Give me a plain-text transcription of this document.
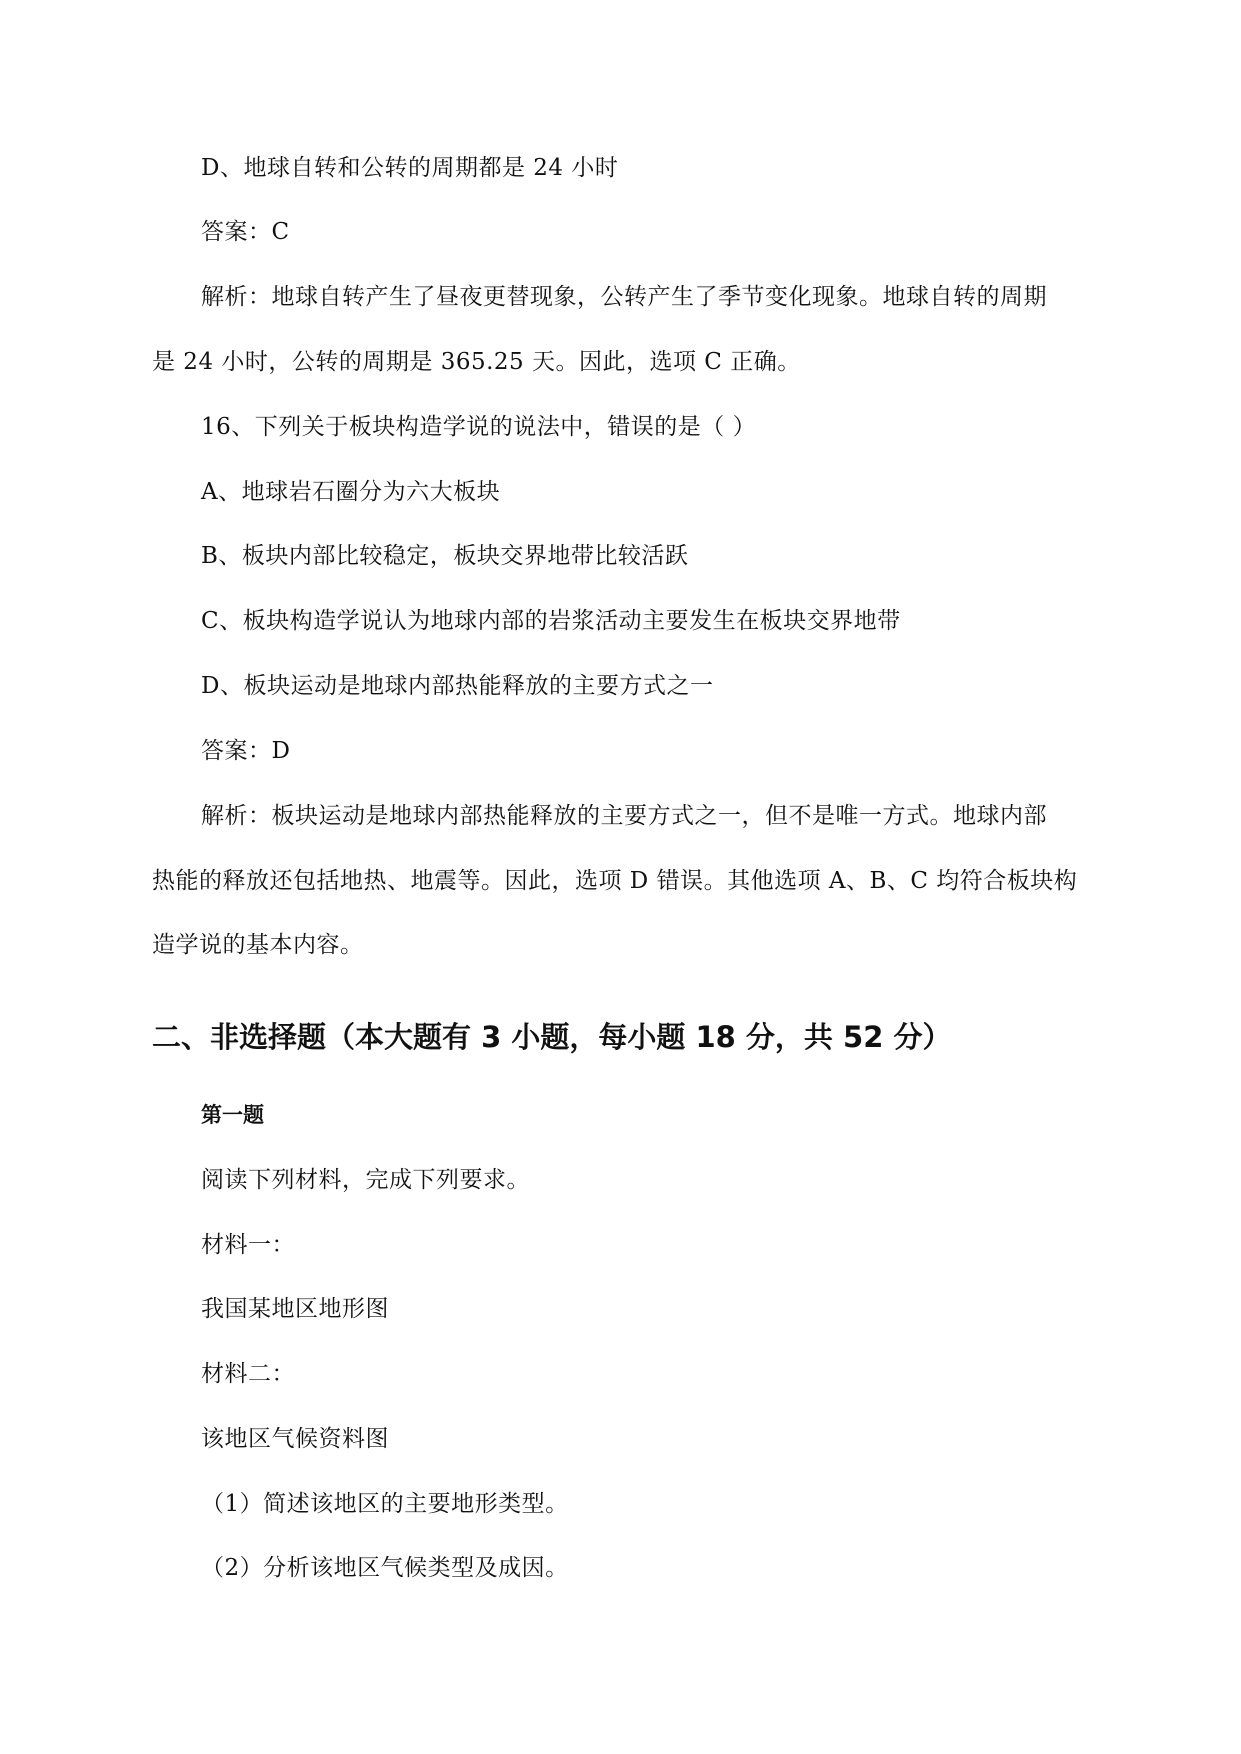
D、地球自转和公转的周期都是 24 小时
答案：C
解析：地球自转产生了昼夜更替现象，公转产生了季节变化现象。地球自转的周期
是 24 小时，公转的周期是 365.25 天。因此，选项 C 正确。
16、下列关于板块构造学说的说法中，错误的是（ ）
A、地球岩石圈分为六大板块
B、板块内部比较稳定，板块交界地带比较活跃
C、板块构造学说认为地球内部的岩浆活动主要发生在板块交界地带
D、板块运动是地球内部热能释放的主要方式之一
答案：D
解析：板块运动是地球内部热能释放的主要方式之一，但不是唯一方式。地球内部
热能的释放还包括地热、地震等。因此，选项 D 错误。其他选项 A、B、C 均符合板块构
造学说的基本内容。
二、非选择题（本大题有 3 小题，每小题 18 分，共 52 分）
第一题
阅读下列材料，完成下列要求。
材料一：
我国某地区地形图
材料二：
该地区气候资料图
（1）简述该地区的主要地形类型。
（2）分析该地区气候类型及成因。
